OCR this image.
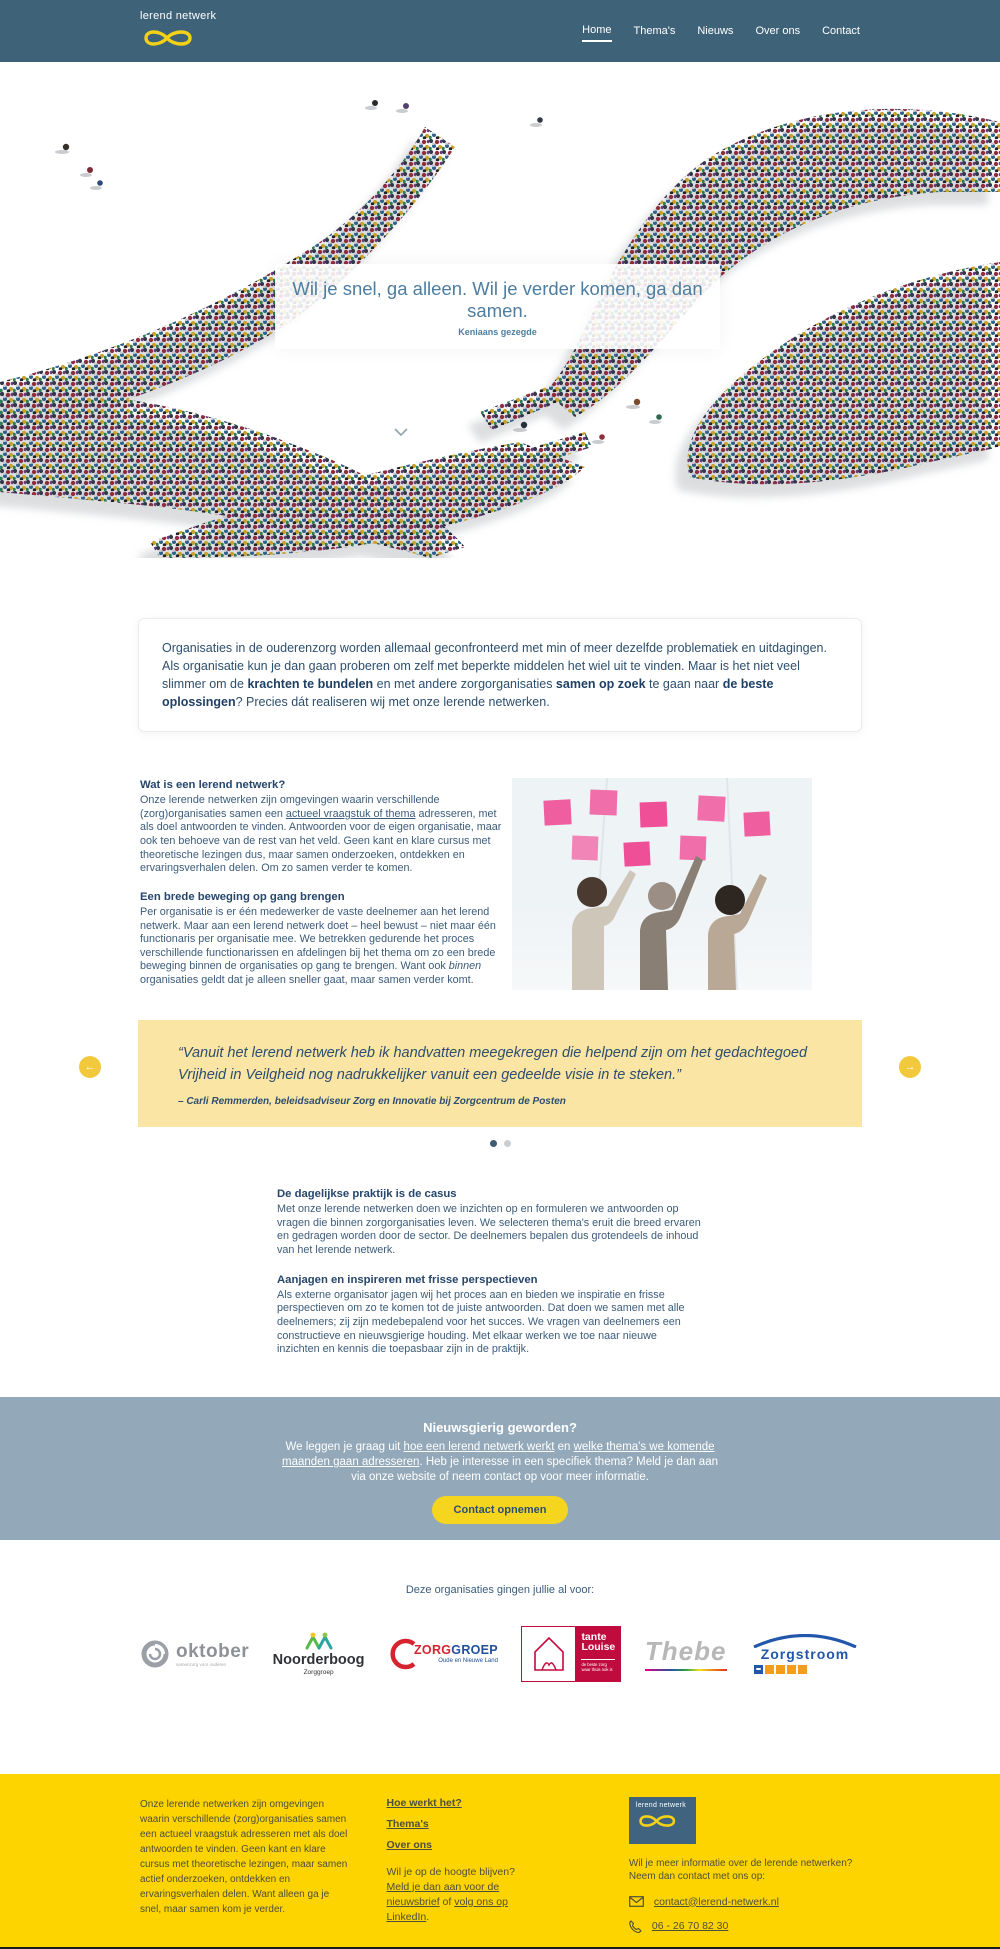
lerend netwerk
Home Thema's Nieuws Over ons Contact
Wil je snel, ga alleen. Wil je verder komen, ga dan samen.
Keniaans gezegde
Organisaties in de ouderenzorg worden allemaal geconfronteerd met min of meer dezelfde problematiek en uitdagingen. Als organisatie kun je dan gaan proberen om zelf met beperkte middelen het wiel uit te vinden. Maar is het niet veel slimmer om de krachten te bundelen en met andere zorgorganisaties samen op zoek te gaan naar de beste oplossingen? Precies dát realiseren wij met onze lerende netwerken.
Wat is een lerend netwerk?
Onze lerende netwerken zijn omgevingen waarin verschillende (zorg)organisaties samen een actueel vraagstuk of thema adresseren, met als doel antwoorden te vinden. Antwoorden voor de eigen organisatie, maar ook ten behoeve van de rest van het veld. Geen kant en klare cursus met theoretische lezingen dus, maar samen onderzoeken, ontdekken en ervaringsverhalen delen. Om zo samen verder te komen.
Een brede beweging op gang brengen
Per organisatie is er één medewerker de vaste deelnemer aan het lerend netwerk. Maar aan een lerend netwerk doet – heel bewust – niet maar één functionaris per organisatie mee. We betrekken gedurende het proces verschillende functionarissen en afdelingen bij het thema om zo een brede beweging binnen de organisaties op gang te brengen. Want ook binnen organisaties geldt dat je alleen sneller gaat, maar samen verder komt.
“Vanuit het lerend netwerk heb ik handvatten meegekregen die helpend zijn om het gedachtegoed Vrijheid in Veilgheid nog nadrukkelijker vanuit een gedeelde visie in te steken.”
– Carli Remmerden, beleidsadviseur Zorg en Innovatie bij Zorgcentrum de Posten
←	→
De dagelijkse praktijk is de casus
Met onze lerende netwerken doen we inzichten op en formuleren we antwoorden op vragen die binnen zorgorganisaties leven. We selecteren thema's eruit die breed ervaren en gedragen worden door de sector. De deelnemers bepalen dus grotendeels de inhoud van het lerende netwerk.
Aanjagen en inspireren met frisse perspectieven
Als externe organisator jagen wij het proces aan en bieden we inspiratie en frisse perspectieven om zo te komen tot de juiste antwoorden. Dat doen we samen met alle deelnemers; zij zijn medebepalend voor het succes. We vragen van deelnemers een constructieve en nieuwsgierige houding. Met elkaar werken we toe naar nieuwe inzichten en kennis die toepasbaar zijn in de praktijk.
Nieuwsgierig geworden?
We leggen je graag uit hoe een lerend netwerk werkt en welke thema's we komende maanden gaan adresseren. Heb je interesse in een specifiek thema? Meld je dan aan via onze website of neem contact op voor meer informatie.
Contact opnemen
Deze organisaties gingen jullie al voor:
oktober
samenzorg voor ouderen	Noorderboog
Zorggroep
ZORGGROEP
Oude en Nieuwe Land
tante
Louise
de beste zorg waar thuis ook is
Thebe Zorgstroom
Onze lerende netwerken zijn omgevingen waarin verschillende (zorg)organisaties samen een actueel vraagstuk adresseren met als doel antwoorden te vinden. Geen kant en klare cursus met theoretische lezingen, maar samen actief onderzoeken, ontdekken en ervaringsverhalen delen. Want alleen ga je snel, maar samen kom je verder.
Hoe werkt het?
Thema's
Over ons
Wil je op de hoogte blijven?
Meld je dan aan voor de nieuwsbrief of volg ons op LinkedIn.
lerend netwerk
Wil je meer informatie over de lerende netwerken?
Neem dan contact met ons op:
contact@lerend-netwerk.nl
06 - 26 70 82 30
